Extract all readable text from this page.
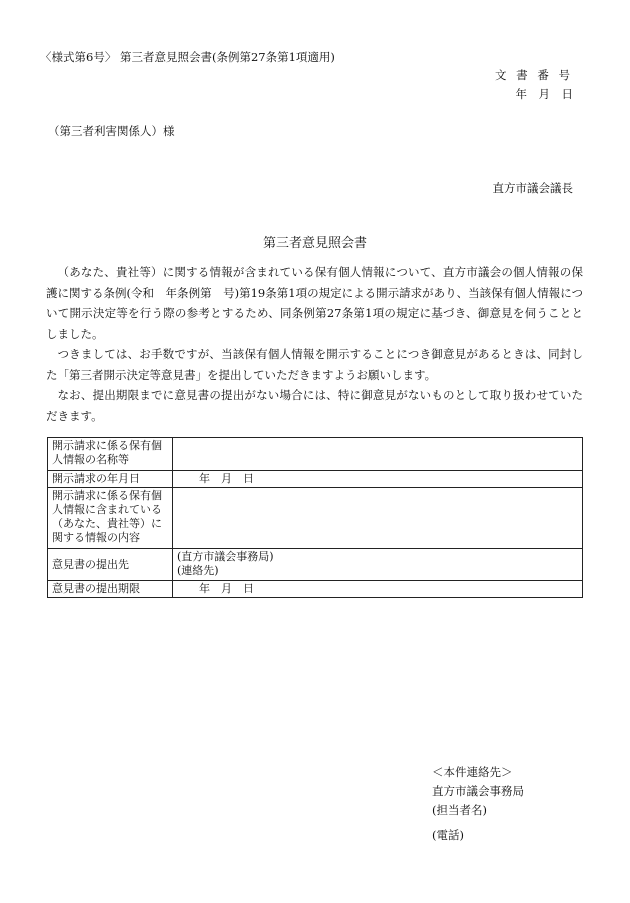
〈様式第6号〉 第三者意見照会書(条例第27条第1項適用)
文 書 番 号
年　月　日
（第三者利害関係人）様
直方市議会議長
第三者意見照会書

（あなた、貴社等）に関する情報が含まれている保有個人情報について、直方市議会の個人情報の保護に関する条例(令和　年条例第　号)第19条第1項の規定による開示請求があり、当該保有個人情報について開示決定等を行う際の参考とするため、同条例第27条第1項の規定に基づき、御意見を伺うこととしました。

つきましては、お手数ですが、当該保有個人情報を開示することにつき御意見があるときは、同封した「第三者開示決定等意見書」を提出していただきますようお願いします。

なお、提出期限までに意見書の提出がない場合には、特に御意見がないものとして取り扱わせていただきます。

開示請求に係る保有個人情報の名称等	
開示請求の年月日	　　年　月　日
開示請求に係る保有個人情報に含まれている（あなた、貴社等）に関する情報の内容	
意見書の提出先	(直方市議会事務局)
(連絡先)

意見書の提出期限	　　年　月　日
＜本件連絡先＞
直方市議会事務局
(担当者名)
(電話)
